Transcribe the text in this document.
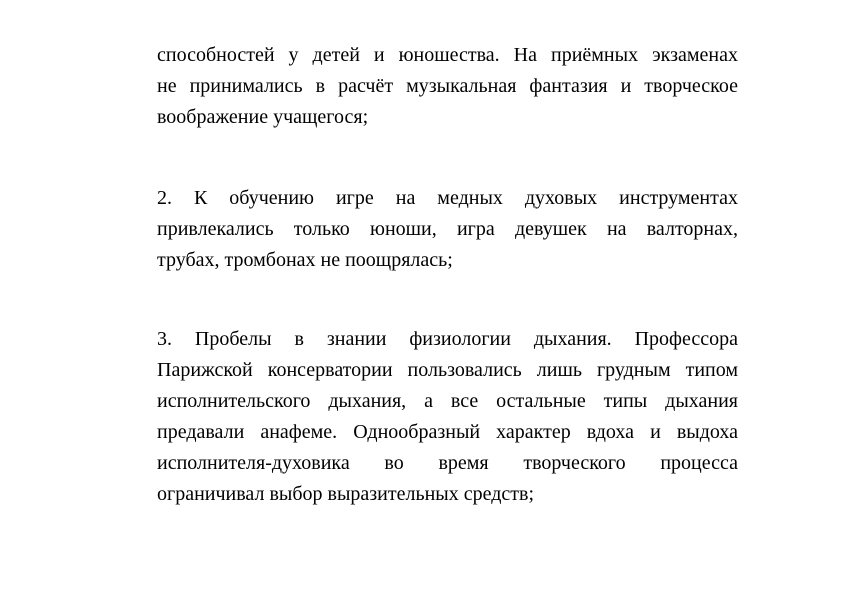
способностей у детей и юношества. На приёмных экзаменах
не принимались в расчёт музыкальная фантазия и творческое
воображение учащегося;

2. К обучению игре на медных духовых инструментах
привлекались только юноши, игра девушек на валторнах,
трубах, тромбонах не поощрялась;

3. Пробелы в знании физиологии дыхания. Профессора
Парижской консерватории пользовались лишь грудным типом
исполнительского дыхания, а все остальные типы дыхания
предавали анафеме. Однообразный характер вдоха и выдоха
исполнителя-духовика во время творческого процесса
ограничивал выбор выразительных средств;
